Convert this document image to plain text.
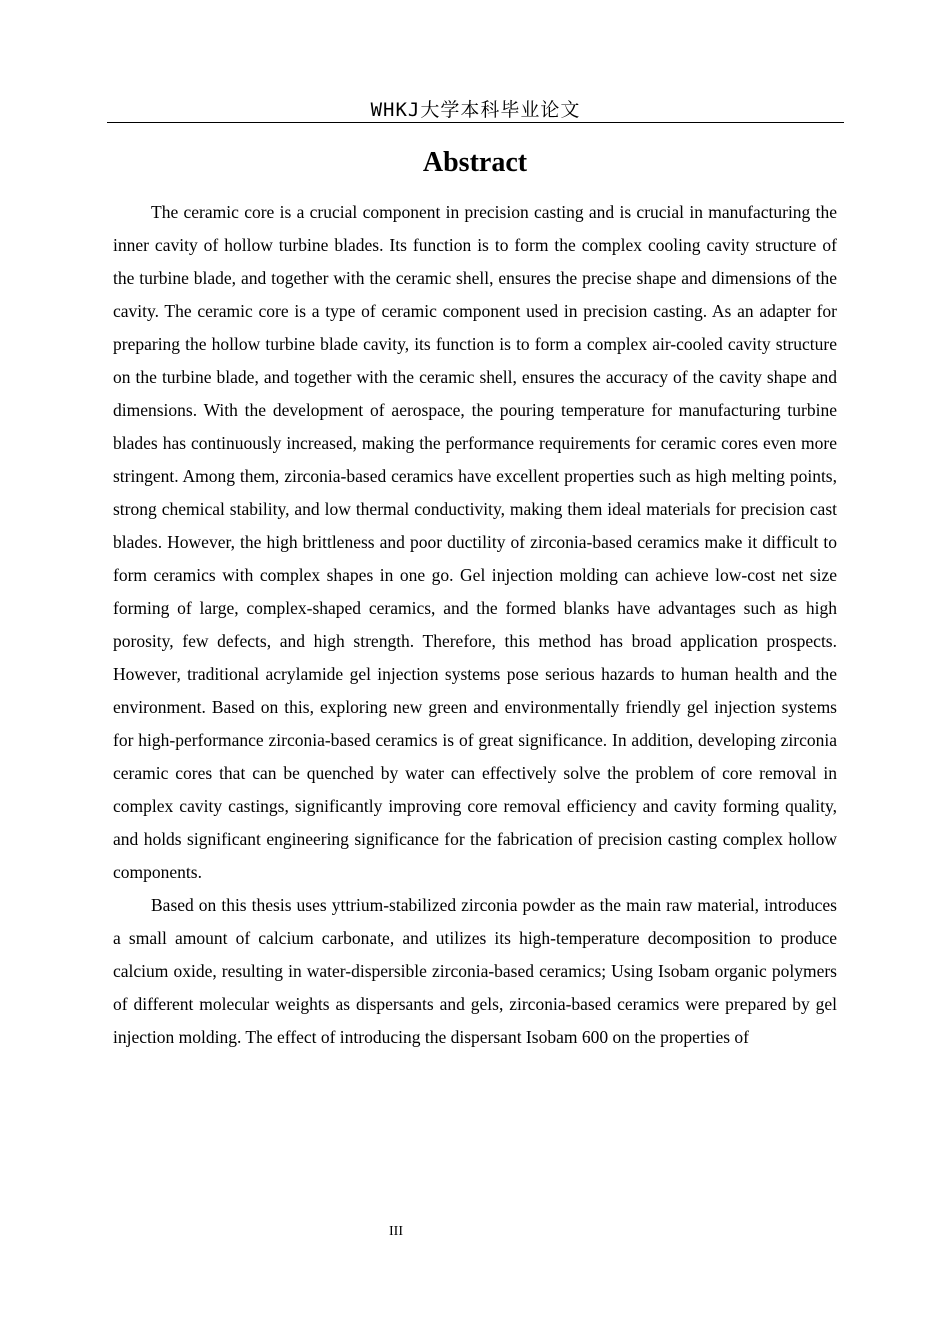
WHKJ大学本科毕业论文
Abstract

The ceramic core is a crucial component in precision casting and is crucial in manufacturing the inner cavity of hollow turbine blades. Its function is to form the complex cooling cavity structure of the turbine blade, and together with the ceramic shell, ensures the precise shape and dimensions of the cavity. The ceramic core is a type of ceramic component used in precision casting. As an adapter for preparing the hollow turbine blade cavity, its function is to form a complex air-cooled cavity structure on the turbine blade, and together with the ceramic shell, ensures the accuracy of the cavity shape and dimensions. With the development of aerospace, the pouring temperature for manufacturing turbine blades has continuously increased, making the performance requirements for ceramic cores even more stringent. Among them, zirconia-based ceramics have excellent properties such as high melting points, strong chemical stability, and low thermal conductivity, making them ideal materials for precision cast blades. However, the high brittleness and poor ductility of zirconia-based ceramics make it difficult to form ceramics with complex shapes in one go. Gel injection molding can achieve low-cost net size forming of large, complex-shaped ceramics, and the formed blanks have advantages such as high porosity, few defects, and high strength. Therefore, this method has broad application prospects. However, traditional acrylamide gel injection systems pose serious hazards to human health and the environment. Based on this, exploring new green and environmentally friendly gel injection systems for high-performance zirconia-based ceramics is of great significance. In addition, developing zirconia ceramic cores that can be quenched by water can effectively solve the problem of core removal in complex cavity castings, significantly improving core removal efficiency and cavity forming quality, and holds significant engineering significance for the fabrication of precision casting complex hollow components.

Based on this thesis uses yttrium-stabilized zirconia powder as the main raw material, introduces a small amount of calcium carbonate, and utilizes its high-temperature decomposition to produce calcium oxide, resulting in water-dispersible zirconia-based ceramics; Using Isobam organic polymers of different molecular weights as dispersants and gels, zirconia-based ceramics were prepared by gel injection molding. The effect of introducing the dispersant Isobam 600 on the properties of

III
